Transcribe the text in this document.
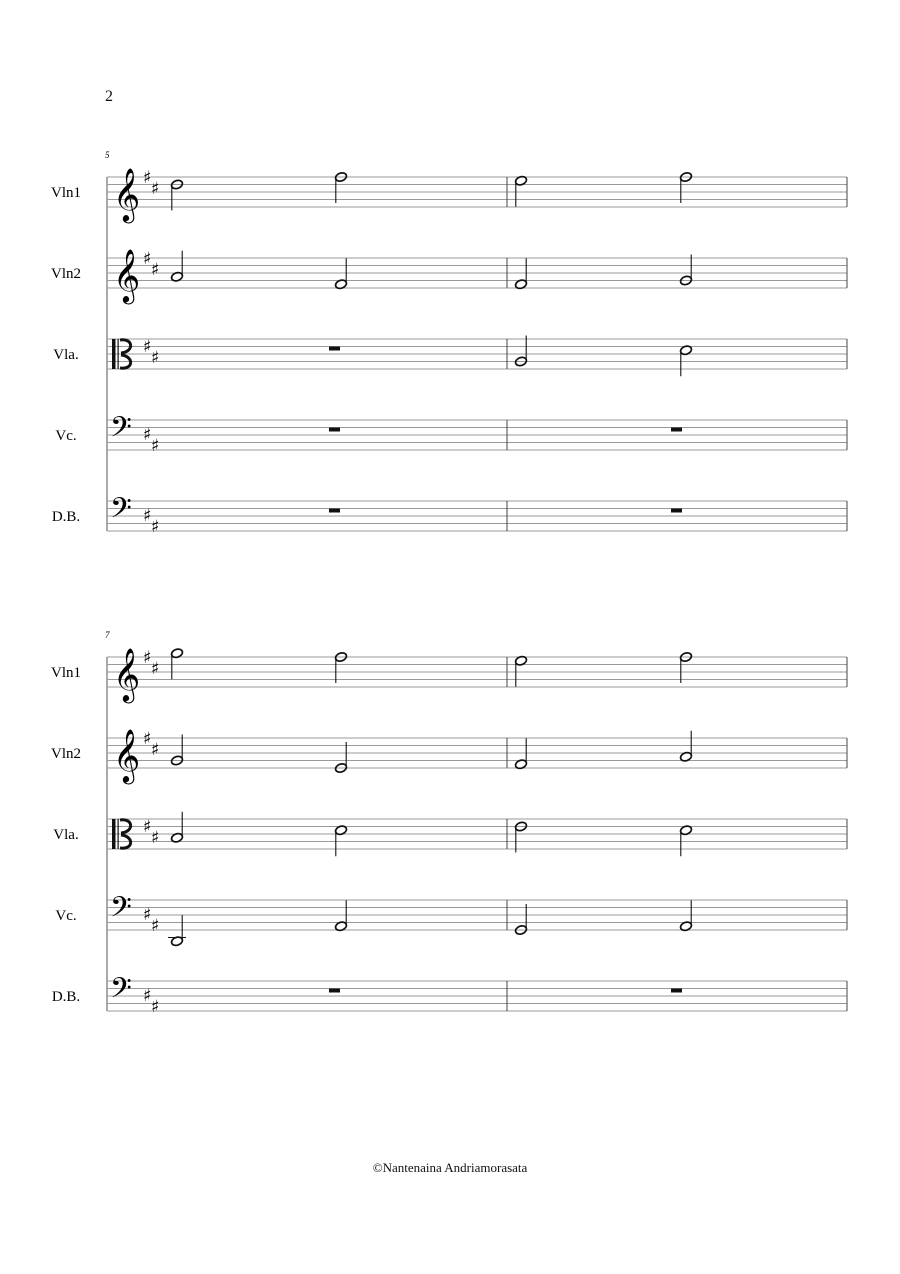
2
5
Vln1 𝄞 ♯
♯
Vln2 𝄞 ♯
♯
Vla.	♯
♯
Vc. 𝄢 ♯
♯
D.B. 𝄢 ♯
♯
7
Vln1 𝄞 ♯
♯
Vln2 𝄞 ♯
♯
Vla.	♯
♯
Vc. 𝄢 ♯
♯
D.B. 𝄢 ♯
♯
©Nantenaina Andriamorasata
